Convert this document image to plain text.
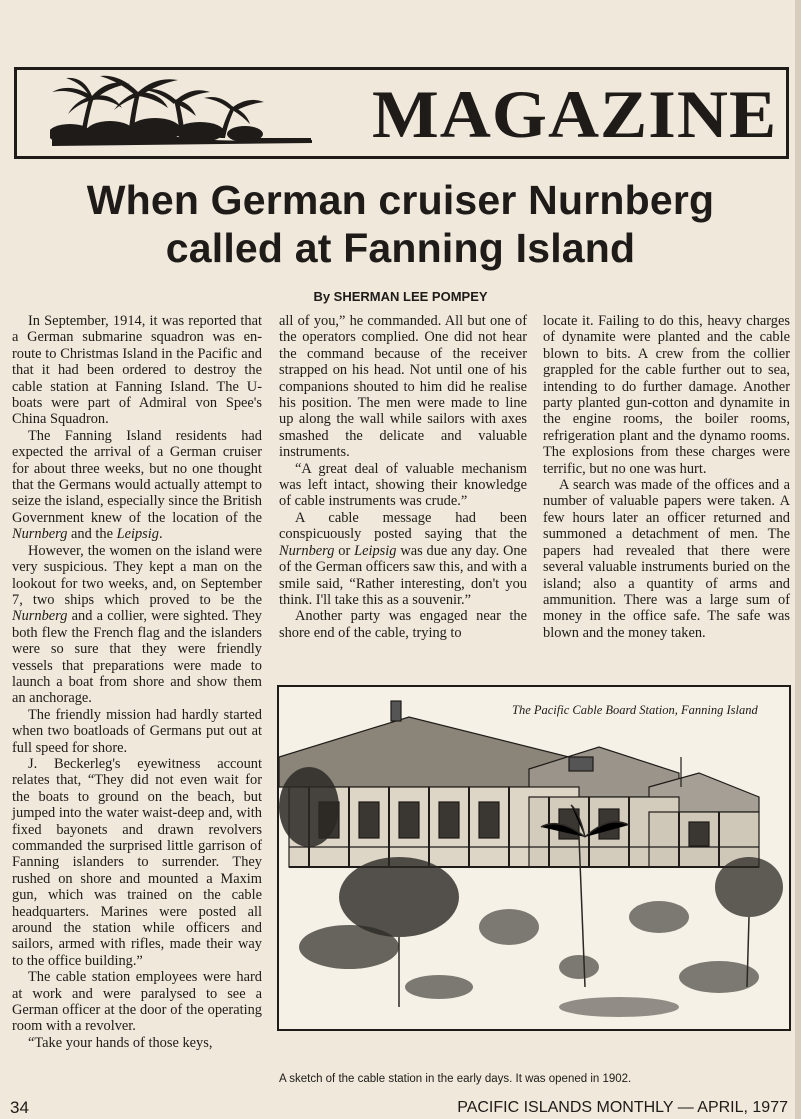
MAGAZINE
When German cruiser Nurnberg
called at Fanning Island
By SHERMAN LEE POMPEY

In September, 1914, it was reported that a German submarine squadron was en-route to Christmas Island in the Pacific and that it had been ordered to destroy the cable station at Fanning Island. The U-boats were part of Admiral von Spee's China Squadron.

The Fanning Island residents had expected the arrival of a German cruiser for about three weeks, but no one thought that the Germans would actually attempt to seize the island, especially since the British Government knew of the location of the Nurnberg and the Leipsig.

However, the women on the island were very suspicious. They kept a man on the lookout for two weeks, and, on September 7, two ships which proved to be the Nurnberg and a collier, were sighted. They both flew the French flag and the islanders were so sure that they were friendly vessels that preparations were made to launch a boat from shore and show them an anchorage.

The friendly mission had hardly started when two boatloads of Germans put out at full speed for shore.

J. Beckerleg's eyewitness account relates that, “They did not even wait for the boats to ground on the beach, but jumped into the water waist-deep and, with fixed bayonets and drawn revolvers commanded the surprised little garrison of Fanning islanders to surrender. They rushed on shore and mounted a Maxim gun, which was trained on the cable headquarters. Marines were posted all around the station while officers and sailors, armed with rifles, made their way to the office building.”

The cable station employees were hard at work and were paralysed to see a German officer at the door of the operating room with a revolver.

“Take your hands of those keys,

all of you,” he commanded. All but one of the operators complied. One did not hear the command because of the receiver strapped on his head. Not until one of his companions shouted to him did he realise his position. The men were made to line up along the wall while sailors with axes smashed the delicate and valuable instruments.

“A great deal of valuable mechanism was left intact, showing their knowledge of cable instruments was crude.”

A cable message had been conspicuously posted saying that the Nurnberg or Leipsig was due any day. One of the German officers saw this, and with a smile said, “Rather interesting, don't you think. I'll take this as a souvenir.”

Another party was engaged near the shore end of the cable, trying to

locate it. Failing to do this, heavy charges of dynamite were planted and the cable blown to bits. A crew from the collier grappled for the cable further out to sea, intending to do further damage. Another party planted gun-cotton and dynamite in the engine rooms, the boiler rooms, refrigeration plant and the dynamo rooms. The explosions from these charges were terrific, but no one was hurt.

A search was made of the offices and a number of valuable papers were taken. A few hours later an officer returned and summoned a detachment of men. The papers had revealed that there were several valuable instruments buried on the island; also a quantity of arms and ammunition. There was a large sum of money in the office safe. The safe was blown and the money taken.

The Pacific Cable Board Station, Fanning Island
A sketch of the cable station in the early days. It was opened in 1902.
34	PACIFIC ISLANDS MONTHLY — APRIL, 1977
